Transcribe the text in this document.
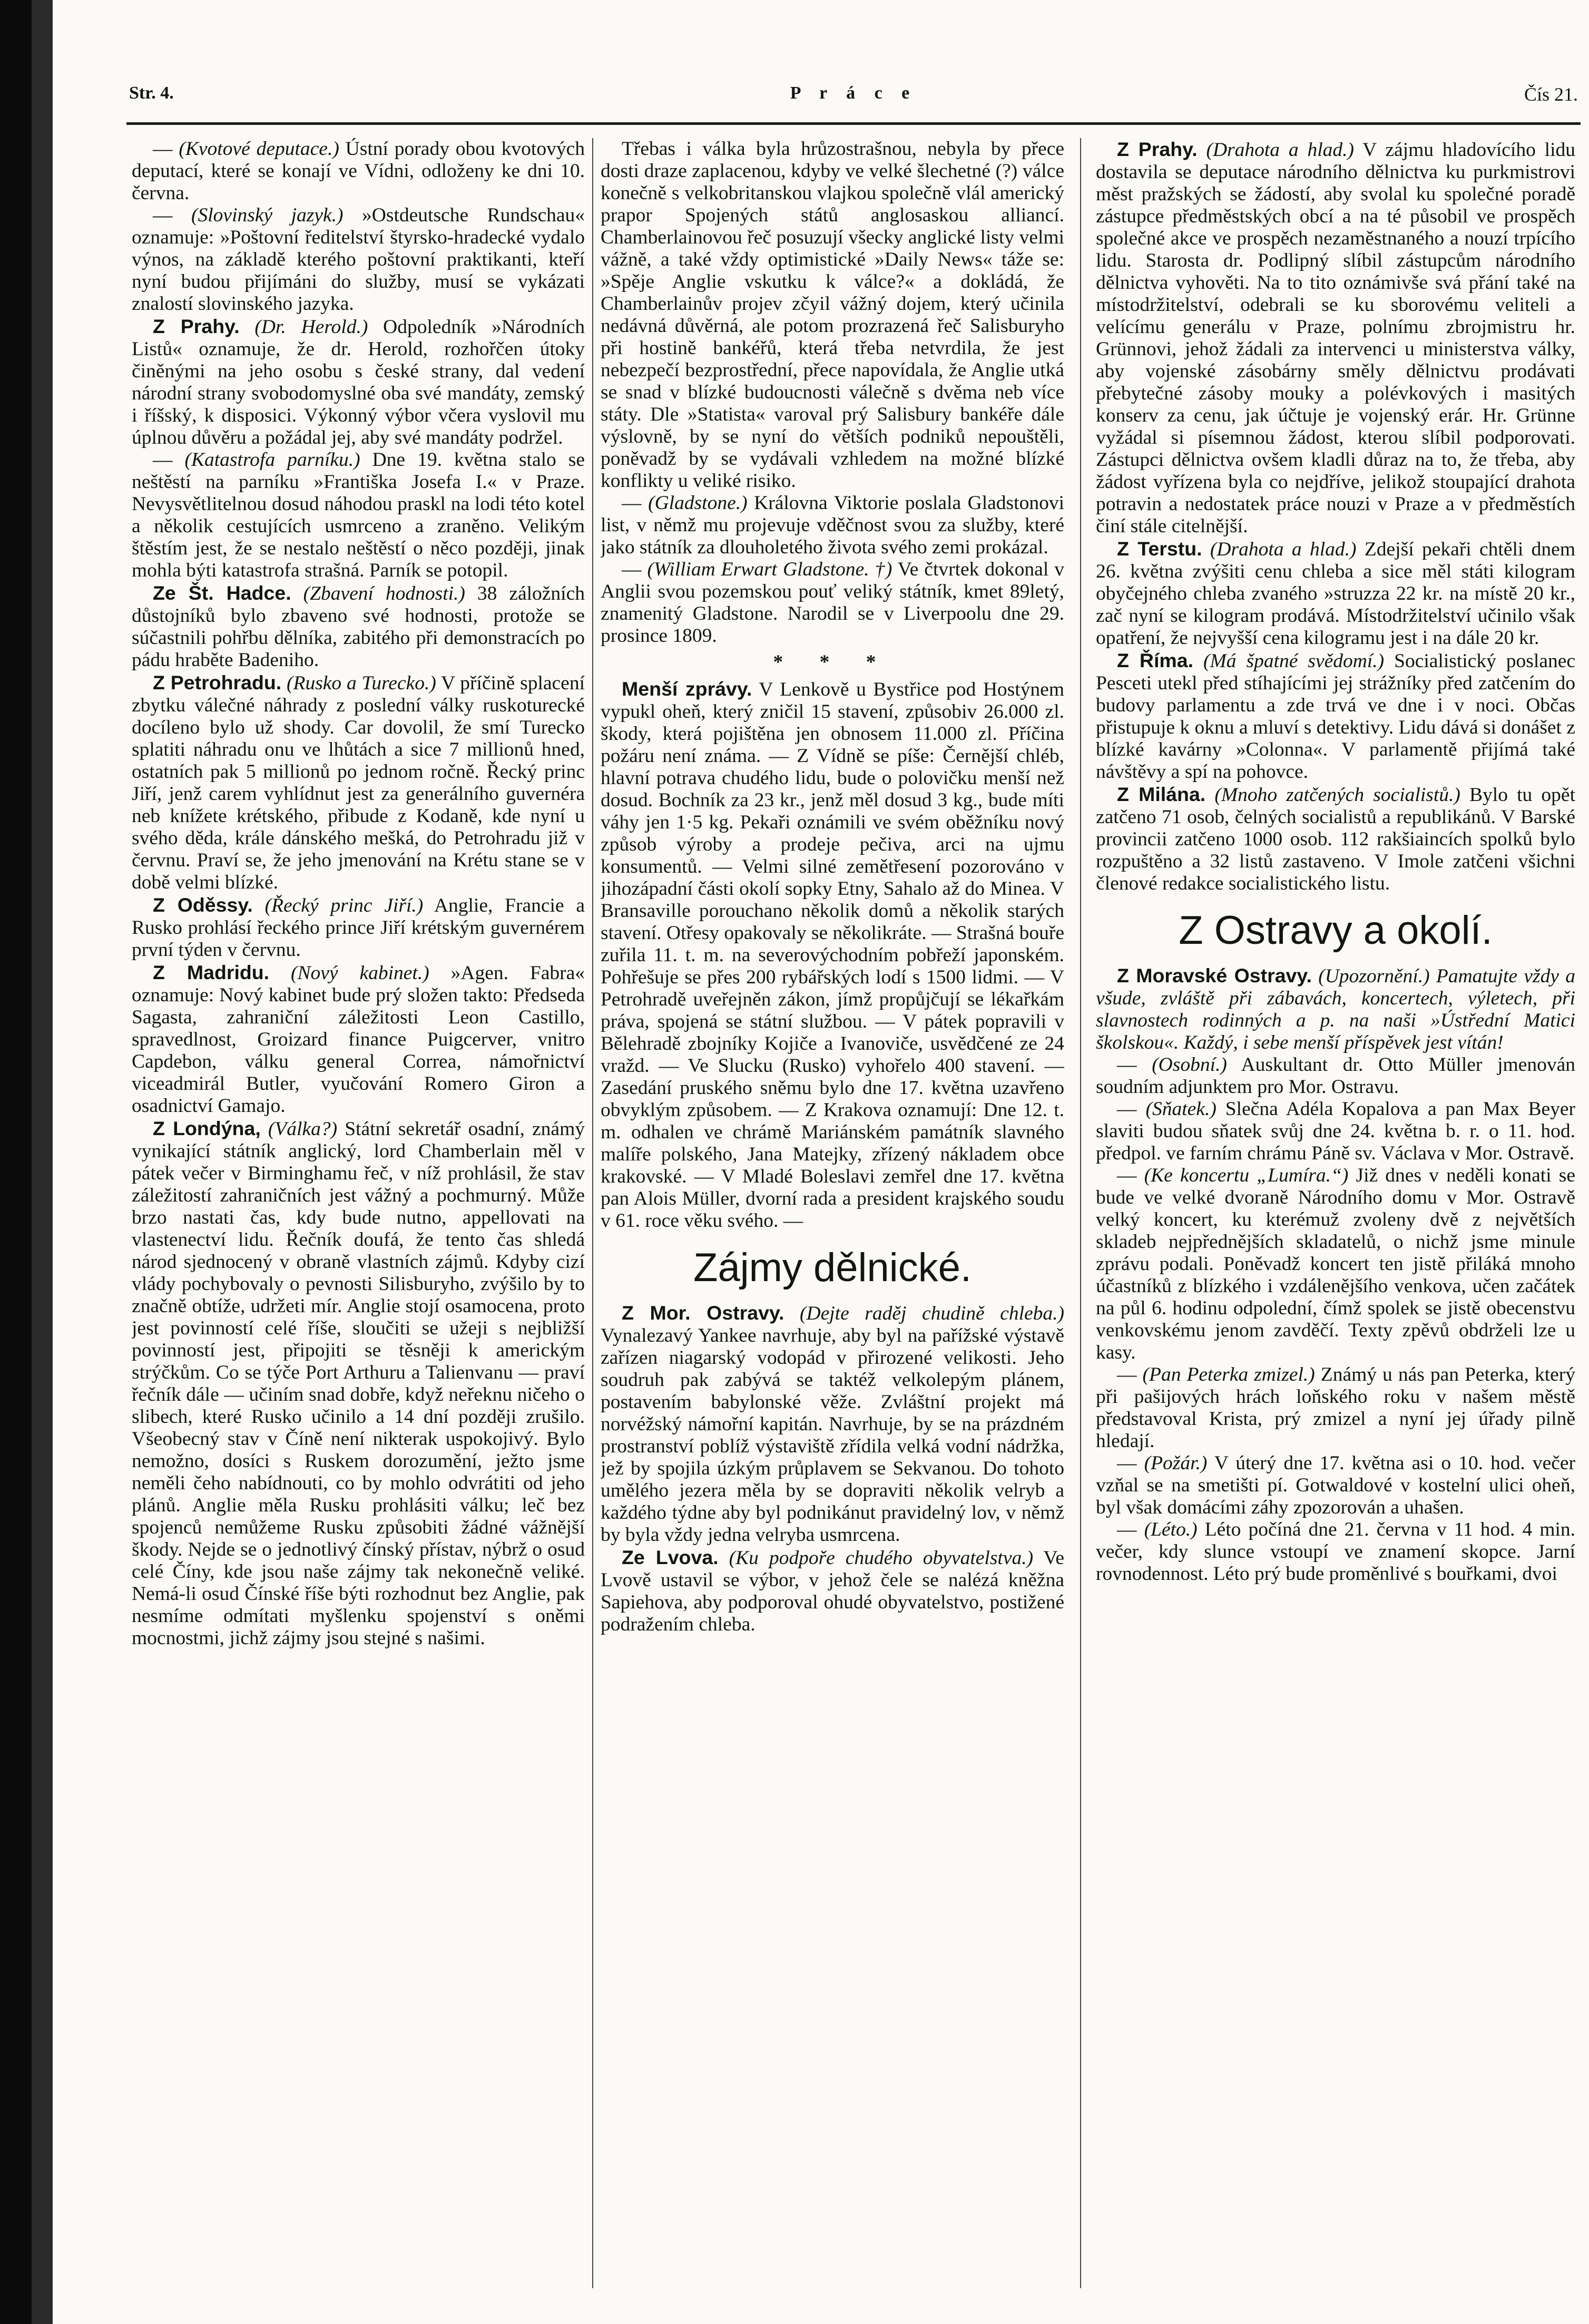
Str. 4.	P r á c e	Čís 21.

— (Kvotové deputace.) Ústní porady obou kvotových deputací, které se konají ve Vídni, odloženy ke dni 10. června.

— (Slovinský jazyk.) »Ostdeutsche Rundschau« oznamuje: »Poštovní ředitelství štyrsko-hradecké vydalo výnos, na základě kterého poštovní praktikanti, kteří nyní budou přijímáni do služby, musí se vykázati znalostí slovinského jazyka.

Z Prahy. (Dr. Herold.) Odpoledník »Národních Listů« oznamuje, že dr. Herold, rozhořčen útoky činěnými na jeho osobu s české strany, dal vedení národní strany svobodomyslné oba své mandáty, zemský i říšský, k disposici. Výkonný výbor včera vyslovil mu úplnou důvěru a požádal jej, aby své mandáty podržel.

— (Katastrofa parníku.) Dne 19. května stalo se neštěstí na parníku »Františka Josefa I.« v Praze. Nevysvětlitelnou dosud náhodou praskl na lodi této kotel a několik cestujících usmrceno a zraněno. Velikým štěstím jest, že se nestalo neštěstí o něco později, jinak mohla býti katastrofa strašná. Parník se potopil.

Ze Št. Hadce. (Zbavení hodnosti.) 38 záložních důstojníků bylo zbaveno své hodnosti, protože se súčastnili pohřbu dělníka, zabitého při demonstracích po pádu hraběte Badeniho.

Z Petrohradu. (Rusko a Turecko.) V příčině splacení zbytku válečné náhrady z poslední války ruskoturecké docíleno bylo už shody. Car dovolil, že smí Turecko splatiti náhradu onu ve lhůtách a sice 7 millionů hned, ostatních pak 5 millionů po jednom ročně. Řecký princ Jiří, jenž carem vyhlídnut jest za generálního guvernéra neb knížete krétského, přibude z Kodaně, kde nyní u svého děda, krále dánského mešká, do Petrohradu již v červnu. Praví se, že jeho jmenování na Krétu stane se v době velmi blízké.

Z Oděssy. (Řecký princ Jiří.) Anglie, Francie a Rusko prohlásí řeckého prince Jiří krétským guvernérem první týden v červnu.

Z Madridu. (Nový kabinet.) »Agen. Fabra« oznamuje: Nový kabinet bude prý složen takto: Předseda Sagasta, zahraniční záležitosti Leon Castillo, spravedlnost, Groizard finance Puigcerver, vnitro Capdebon, válku general Correa, námořnictví viceadmirál Butler, vyučování Romero Giron a osadnictví Gamajo.

Z Londýna, (Válka?) Státní sekretář osadní, známý vynikající státník anglický, lord Chamberlain měl v pátek večer v Birminghamu řeč, v níž prohlásil, že stav záležitostí zahraničních jest vážný a pochmurný. Může brzo nastati čas, kdy bude nutno, appellovati na vlastenectví lidu. Řečník doufá, že tento čas shledá národ sjednocený v obraně vlastních zájmů. Kdyby cizí vlády pochybovaly o pevnosti Silisburyho, zvýšilo by to značně obtíže, udržeti mír. Anglie stojí osamocena, proto jest povinností celé říše, sloučiti se užeji s nejbližší povinností jest, připojiti se těsněji k americkým strýčkům. Co se týče Port Arthuru a Talienvanu — praví řečník dále — učiním snad dobře, když neřeknu ničeho o slibech, které Rusko učinilo a 14 dní později zrušilo. Všeobecný stav v Číně není nikterak uspokojivý. Bylo nemožno, dosíci s Ruskem dorozumění, ježto jsme neměli čeho nabídnouti, co by mohlo odvrátiti od jeho plánů. Anglie měla Rusku prohlásiti válku; leč bez spojenců nemůžeme Rusku způsobiti žádné vážnější škody. Nejde se o jednotlivý čínský přístav, nýbrž o osud celé Číny, kde jsou naše zájmy tak nekonečně veliké. Nemá-li osud Čínské říše býti rozhodnut bez Anglie, pak nesmíme odmítati myšlenku spojenství s oněmi mocnostmi, jichž zájmy jsou stejné s našimi.

Třebas i válka byla hrůzostrašnou, nebyla by přece dosti draze zaplacenou, kdyby ve velké šlechetné (?) válce konečně s velkobritanskou vlajkou společně vlál americký prapor Spojených států anglosaskou alliancí. Chamberlainovou řeč posuzují všecky anglické listy velmi vážně, a také vždy optimistické »Daily News« táže se: »Spěje Anglie vskutku k válce?« a dokládá, že Chamberlainův projev zčyil vážný dojem, který učinila nedávná důvěrná, ale potom prozrazená řeč Salisburyho při hostině bankéřů, která třeba netvrdila, že jest nebezpečí bezprostřední, přece napovídala, že Anglie utká se snad v blízké budoucnosti válečně s dvěma neb více státy. Dle »Statista« varoval prý Salisbury bankéře dále výslovně, by se nyní do větších podniků nepouštěli, poněvadž by se vydávali vzhledem na možné blízké konflikty u veliké risiko.

— (Gladstone.) Královna Viktorie poslala Gladstonovi list, v němž mu projevuje vděčnost svou za služby, které jako státník za dlouholetého života svého zemi prokázal.

— (William Erwart Gladstone. †) Ve čtvrtek dokonal v Anglii svou pozemskou pouť veliký státník, kmet 89letý, znamenitý Gladstone. Narodil se v Liverpoolu dne 29. prosince 1809.

* * *

Menší zprávy. V Lenkově u Bystřice pod Hostýnem vypukl oheň, který zničil 15 stavení, způsobiv 26.000 zl. škody, která pojištěna jen obnosem 11.000 zl. Příčina požáru není známa. — Z Vídně se píše: Černější chléb, hlavní potrava chudého lidu, bude o polovičku menší než dosud. Bochník za 23 kr., jenž měl dosud 3 kg., bude míti váhy jen 1·5 kg. Pekaři oznámili ve svém oběžníku nový způsob výroby a prodeje pečiva, arci na ujmu konsumentů. — Velmi silné zemětřesení pozorováno v jihozápadní části okolí sopky Etny, Sahalo až do Minea. V Bransaville porouchano několik domů a několik starých stavení. Otřesy opakovaly se několikráte. — Strašná bouře zuřila 11. t. m. na severovýchodním pobřeží japonském. Pohřešuje se přes 200 rybářských lodí s 1500 lidmi. — V Petrohradě uveřejněn zákon, jímž propůjčují se lékařkám práva, spojená se státní službou. — V pátek popravili v Bělehradě zbojníky Kojiče a Ivanoviče, usvědčené ze 24 vražd. — Ve Slucku (Rusko) vyhořelo 400 stavení. — Zasedání pruského sněmu bylo dne 17. května uzavřeno obvyklým způsobem. — Z Krakova oznamují: Dne 12. t. m. odhalen ve chrámě Mariánském památník slavného malíře polského, Jana Matejky, zřízený nákladem obce krakovské. — V Mladé Boleslavi zemřel dne 17. května pan Alois Müller, dvorní rada a president krajského soudu v 61. roce věku svého. —

Zájmy dělnické.

Z Mor. Ostravy. (Dejte raděj chudině chleba.) Vynalezavý Yankee navrhuje, aby byl na pařížské výstavě zařízen niagarský vodopád v přirozené velikosti. Jeho soudruh pak zabývá se taktéž velkolepým plánem, postavením babylonské věže. Zvláštní projekt má norvéžský námořní kapitán. Navrhuje, by se na prázdném prostranství poblíž výstaviště zřídila velká vodní nádržka, jež by spojila úzkým průplavem se Sekvanou. Do tohoto umělého jezera měla by se dopraviti několik velryb a každého týdne aby byl podnikánut pravidelný lov, v němž by byla vždy jedna velryba usmrcena.

Ze Lvova. (Ku podpoře chudého obyvatelstva.) Ve Lvově ustavil se výbor, v jehož čele se nalézá kněžna Sapiehova, aby podporoval ohudé obyvatelstvo, postižené podražením chleba.

Z Prahy. (Drahota a hlad.) V zájmu hladovícího lidu dostavila se deputace národního dělnictva ku purkmistrovi měst pražských se žádostí, aby svolal ku společné poradě zástupce předměstských obcí a na té působil ve prospěch společné akce ve prospěch nezaměstnaného a nouzí trpícího lidu. Starosta dr. Podlipný slíbil zástupcům národního dělnictva vyhověti. Na to tito oznámivše svá přání také na místodržitelství, odebrali se ku sborovému veliteli a velícímu generálu v Praze, polnímu zbrojmistru hr. Grünnovi, jehož žádali za intervenci u ministerstva války, aby vojenské zásobárny směly dělnictvu prodávati přebytečné zásoby mouky a polévkových i masitých konserv za cenu, jak účtuje je vojenský erár. Hr. Grünne vyžádal si písemnou žádost, kterou slíbil podporovati. Zástupci dělnictva ovšem kladli důraz na to, že třeba, aby žádost vyřízena byla co nejdříve, jelikož stoupající drahota potravin a nedostatek práce nouzi v Praze a v předměstích činí stále citelnější.

Z Terstu. (Drahota a hlad.) Zdejší pekaři chtěli dnem 26. května zvýšiti cenu chleba a sice měl státi kilogram obyčejného chleba zvaného »struzza 22 kr. na místě 20 kr., zač nyní se kilogram prodává. Místodržitelství učinilo však opatření, že nejvyšší cena kilogramu jest i na dále 20 kr.

Z Říma. (Má špatné svědomí.) Socialistický poslanec Pesceti utekl před stíhajícími jej strážníky před zatčením do budovy parlamentu a zde trvá ve dne i v noci. Občas přistupuje k oknu a mluví s detektivy. Lidu dává si donášet z blízké kavárny »Colonna«. V parlamentě přijímá také návštěvy a spí na pohovce.

Z Milána. (Mnoho zatčených socialistů.) Bylo tu opět zatčeno 71 osob, čelných socialistů a republikánů. V Barské provincii zatčeno 1000 osob. 112 rakšiaincích spolků bylo rozpuštěno a 32 listů zastaveno. V Imole zatčeni všichni členové redakce socialistického listu.

Z Ostravy a okolí.

Z Moravské Ostravy. (Upozornění.) Pamatujte vždy a všude, zvláště při zábavách, koncertech, výletech, při slavnostech rodinných a p. na naši »Ústřední Matici školskou«. Každý, i sebe menší příspěvek jest vítán!

— (Osobní.) Auskultant dr. Otto Müller jmenován soudním adjunktem pro Mor. Ostravu.

— (Sňatek.) Slečna Adéla Kopalova a pan Max Beyer slaviti budou sňatek svůj dne 24. května b. r. o 11. hod. předpol. ve farním chrámu Páně sv. Václava v Mor. Ostravě.

— (Ke koncertu „Lumíra.“) Již dnes v neděli konati se bude ve velké dvoraně Národního domu v Mor. Ostravě velký koncert, ku kterémuž zvoleny dvě z největších skladeb nejpřednějších skladatelů, o nichž jsme minule zprávu podali. Poněvadž koncert ten jistě přiláká mnoho účastníků z blízkého i vzdálenějšího venkova, učen začátek na půl 6. hodinu odpolední, čímž spolek se jistě obecenstvu venkovskému jenom zavděčí. Texty zpěvů obdrželi lze u kasy.

— (Pan Peterka zmizel.) Známý u nás pan Peterka, který při pašijových hrách loňského roku v našem městě představoval Krista, prý zmizel a nyní jej úřady pilně hledají.

— (Požár.) V úterý dne 17. května asi o 10. hod. večer vzňal se na smetišti pí. Gotwaldové v kostelní ulici oheň, byl však domácími záhy zpozorován a uhašen.

— (Léto.) Léto počíná dne 21. června v 11 hod. 4 min. večer, kdy slunce vstoupí ve znamení skopce. Jarní rovnodennost. Léto prý bude proměnlivé s bouřkami, dvoi
